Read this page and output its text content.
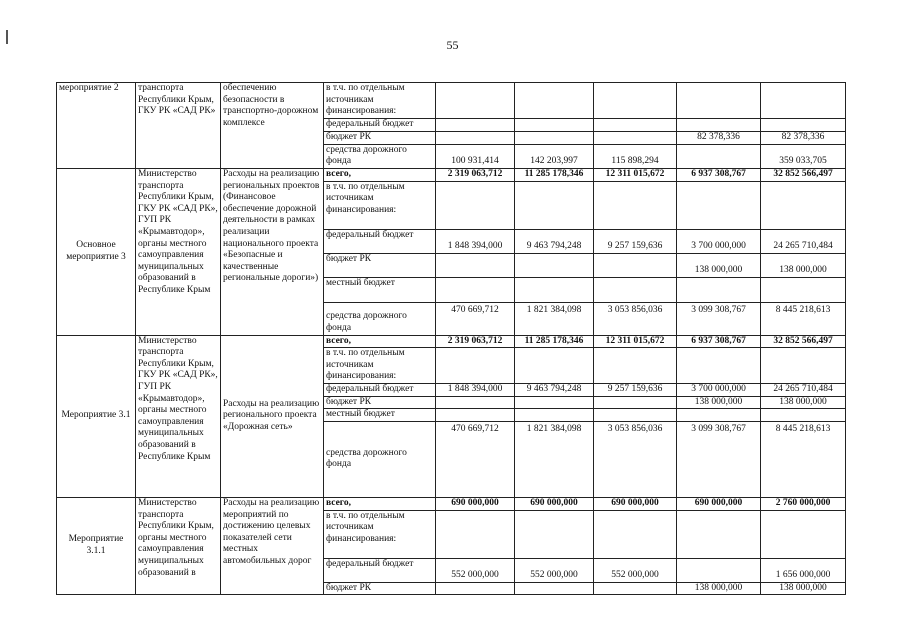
55
мероприятие 2	транспорта Республики Крым, ГКУ РК «САД РК»	обеспечению безопасности в транспортно-дорожном комплексе	в т.ч. по отдельным источникам финансирования:					
			федеральный бюджет					
			бюджет РК				82 378,336	82 378,336
			средства дорожного фонда	100 931,414	142 203,997	115 898,294		359 033,705
Основное мероприятие 3	Министерство транспорта Республики Крым, ГКУ РК «САД РК», ГУП РК «Крымавтодор», органы местного самоуправления муниципальных образований в Республике Крым	Расходы на реализацию региональных проектов (Финансовое обеспечение дорожной деятельности в рамках реализации национального проекта «Безопасные и качественные региональные дороги»)	всего,	2 319 063,712	11 285 178,346	12 311 015,672	6 937 308,767	32 852 566,497
			в т.ч. по отдельным источникам финансирования:					
			федеральный бюджет	1 848 394,000	9 463 794,248	9 257 159,636	3 700 000,000	24 265 710,484
			бюджет РК				138 000,000	138 000,000
			местный бюджет					
			средства дорожного фонда	470 669,712	1 821 384,098	3 053 856,036	3 099 308,767	8 445 218,613
Мероприятие 3.1	Министерство транспорта Республики Крым, ГКУ РК «САД РК», ГУП РК «Крымавтодор», органы местного самоуправления муниципальных образований в Республике Крым	Расходы на реализацию регионального проекта «Дорожная сеть»	всего,	2 319 063,712	11 285 178,346	12 311 015,672	6 937 308,767	32 852 566,497
			в т.ч. по отдельным источникам финансирования:					
			федеральный бюджет	1 848 394,000	9 463 794,248	9 257 159,636	3 700 000,000	24 265 710,484
			бюджет РК				138 000,000	138 000,000
			местный бюджет					
			средства дорожного фонда	470 669,712	1 821 384,098	3 053 856,036	3 099 308,767	8 445 218,613
Мероприятие 3.1.1	Министерство транспорта Республики Крым, органы местного самоуправления муниципальных образований в	Расходы на реализацию мероприятий по достижению целевых показателей сети местных автомобильных дорог	всего,	690 000,000	690 000,000	690 000,000	690 000,000	2 760 000,000
			в т.ч. по отдельным источникам финансирования:					
			федеральный бюджет	552 000,000	552 000,000	552 000,000		1 656 000,000
			бюджет РК				138 000,000	138 000,000
